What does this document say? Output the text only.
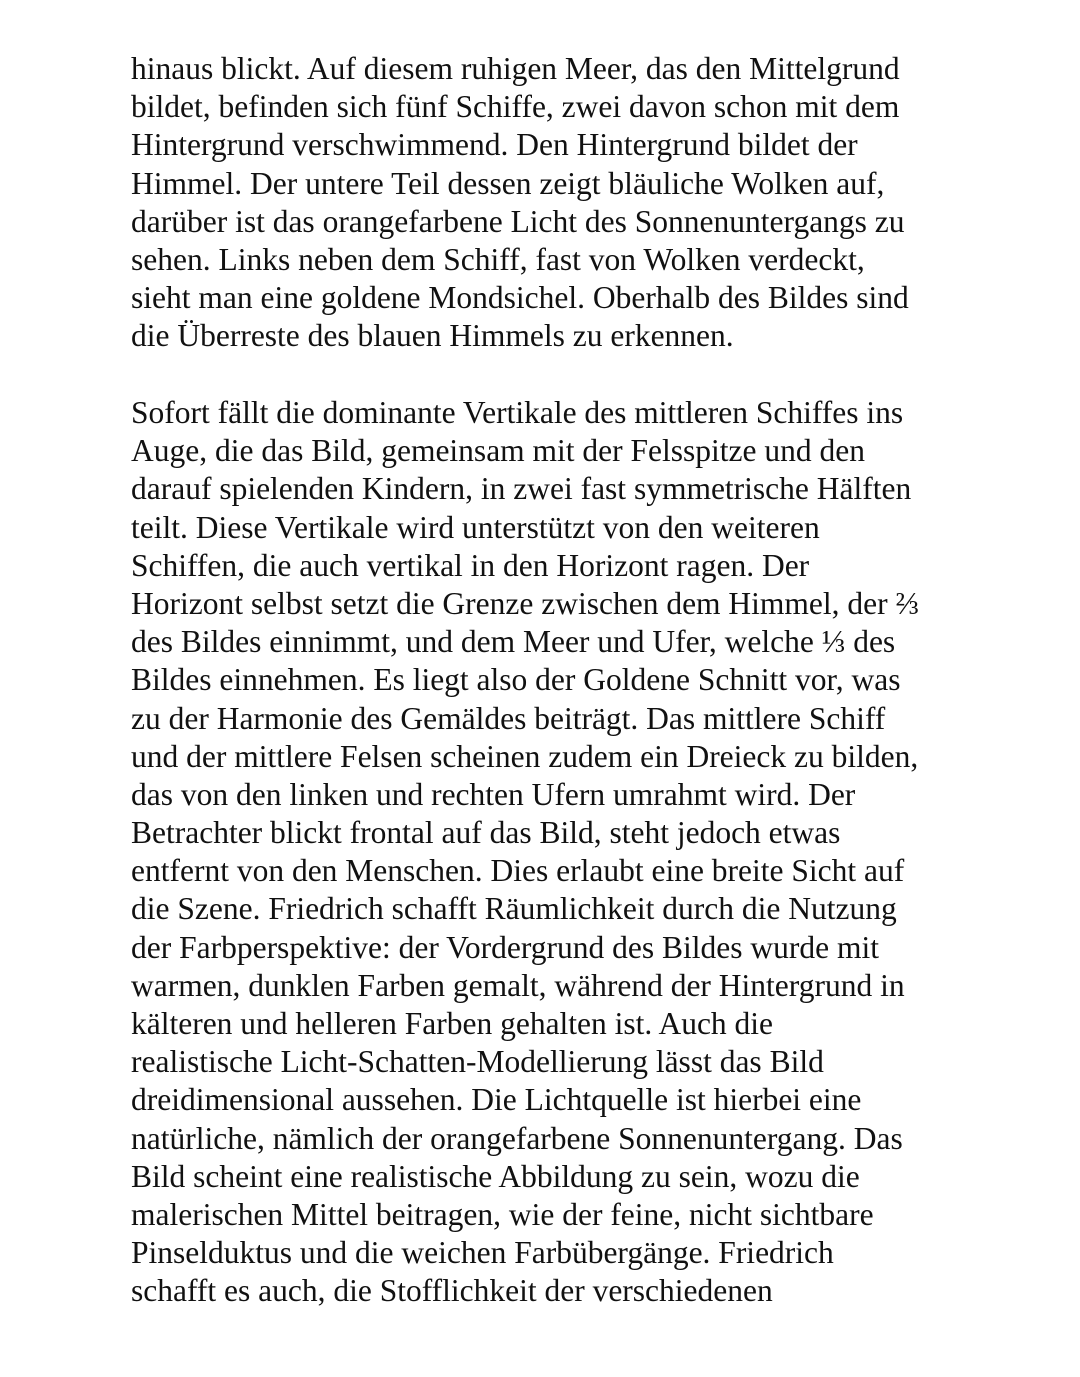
hinaus blickt. Auf diesem ruhigen Meer, das den Mittelgrund
bildet, befinden sich fünf Schiffe, zwei davon schon mit dem
Hintergrund verschwimmend. Den Hintergrund bildet der
Himmel. Der untere Teil dessen zeigt bläuliche Wolken auf,
darüber ist das orangefarbene Licht des Sonnenuntergangs zu
sehen. Links neben dem Schiff, fast von Wolken verdeckt,
sieht man eine goldene Mondsichel. Oberhalb des Bildes sind
die Überreste des blauen Himmels zu erkennen.
Sofort fällt die dominante Vertikale des mittleren Schiffes ins
Auge, die das Bild, gemeinsam mit der Felsspitze und den
darauf spielenden Kindern, in zwei fast symmetrische Hälften
teilt. Diese Vertikale wird unterstützt von den weiteren
Schiffen, die auch vertikal in den Horizont ragen. Der
Horizont selbst setzt die Grenze zwischen dem Himmel, der ⅔
des Bildes einnimmt, und dem Meer und Ufer, welche ⅓ des
Bildes einnehmen. Es liegt also der Goldene Schnitt vor, was
zu der Harmonie des Gemäldes beiträgt. Das mittlere Schiff
und der mittlere Felsen scheinen zudem ein Dreieck zu bilden,
das von den linken und rechten Ufern umrahmt wird. Der
Betrachter blickt frontal auf das Bild, steht jedoch etwas
entfernt von den Menschen. Dies erlaubt eine breite Sicht auf
die Szene. Friedrich schafft Räumlichkeit durch die Nutzung
der Farbperspektive: der Vordergrund des Bildes wurde mit
warmen, dunklen Farben gemalt, während der Hintergrund in
kälteren und helleren Farben gehalten ist. Auch die
realistische Licht-Schatten-Modellierung lässt das Bild
dreidimensional aussehen. Die Lichtquelle ist hierbei eine
natürliche, nämlich der orangefarbene Sonnenuntergang. Das
Bild scheint eine realistische Abbildung zu sein, wozu die
malerischen Mittel beitragen, wie der feine, nicht sichtbare
Pinselduktus und die weichen Farbübergänge. Friedrich
schafft es auch, die Stofflichkeit der verschiedenen
